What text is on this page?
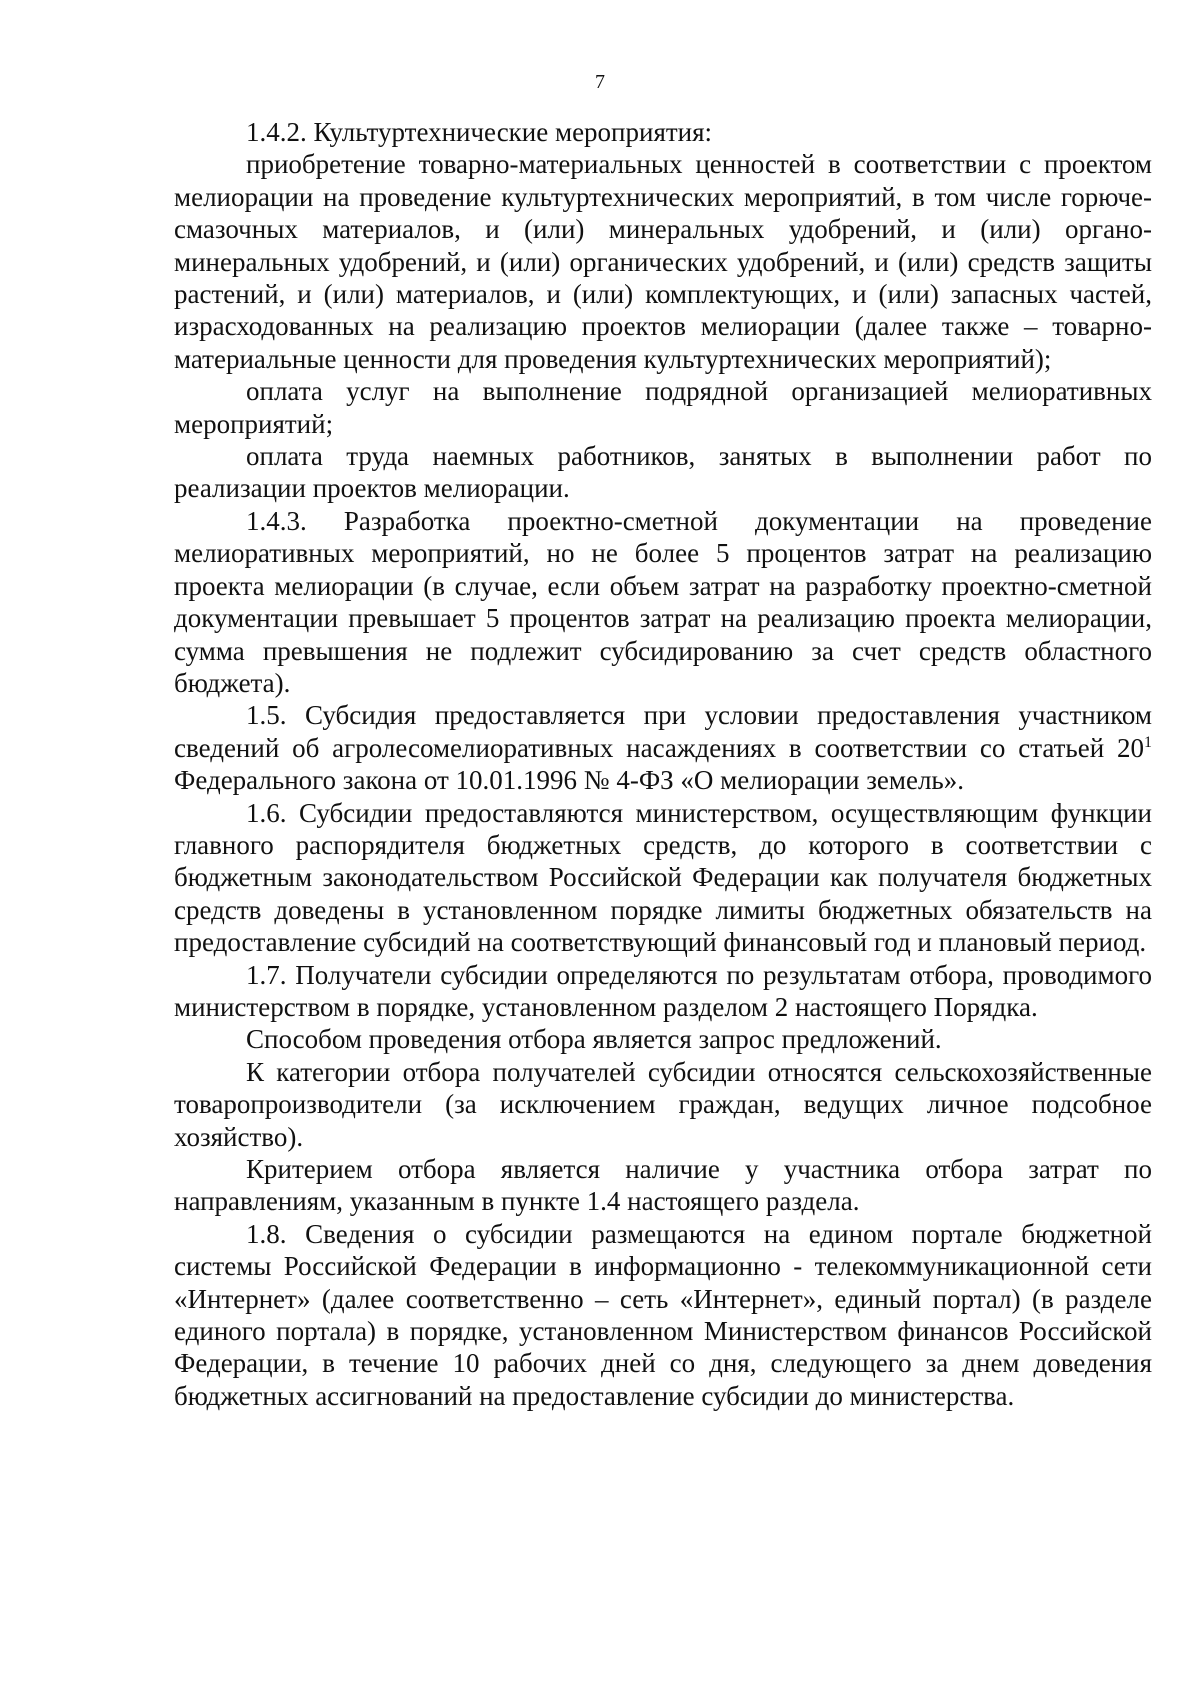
7

1.4.2. Культуртехнические мероприятия:

приобретение товарно-материальных ценностей в соответствии с проектом мелиорации на проведение культуртехнических мероприятий, в том числе горюче-смазочных материалов, и (или) минеральных удобрений, и (или) органо-минеральных удобрений, и (или) органических удобрений, и (или) средств защиты растений, и (или) материалов, и (или) комплектующих, и (или) запасных частей, израсходованных на реализацию проектов мелиорации (далее также – товарно-материальные ценности для проведения культуртехнических мероприятий);

оплата услуг на выполнение подрядной организацией мелиоративных мероприятий;

оплата труда наемных работников, занятых в выполнении работ по реализации проектов мелиорации.

1.4.3. Разработка проектно-сметной документации на проведение мелиоративных мероприятий, но не более 5 процентов затрат на реализацию проекта мелиорации (в случае, если объем затрат на разработку проектно-сметной документации превышает 5 процентов затрат на реализацию проекта мелиорации, сумма превышения не подлежит субсидированию за счет средств областного бюджета).

1.5. Субсидия предоставляется при условии предоставления участником сведений об агролесомелиоративных насаждениях в соответствии со статьей $20^1$ Федерального закона от 10.01.1996 № 4-ФЗ «О мелиорации земель».

1.6. Субсидии предоставляются министерством, осуществляющим функции главного распорядителя бюджетных средств, до которого в соответствии с бюджетным законодательством Российской Федерации как получателя бюджетных средств доведены в установленном порядке лимиты бюджетных обязательств на предоставление субсидий на соответствующий финансовый год и плановый период.

1.7. Получатели субсидии определяются по результатам отбора, проводимого министерством в порядке, установленном разделом 2 настоящего Порядка.

Способом проведения отбора является запрос предложений.

К категории отбора получателей субсидии относятся сельскохозяйственные товаропроизводители (за исключением граждан, ведущих личное подсобное хозяйство).

Критерием отбора является наличие у участника отбора затрат по направлениям, указанным в пункте 1.4 настоящего раздела.

1.8. Сведения о субсидии размещаются на едином портале бюджетной системы Российской Федерации в информационно - телекоммуникационной сети «Интернет» (далее соответственно – сеть «Интернет», единый портал) (в разделе единого портала) в порядке, установленном Министерством финансов Российской Федерации, в течение 10 рабочих дней со дня, следующего за днем доведения бюджетных ассигнований на предоставление субсидии до министерства.
